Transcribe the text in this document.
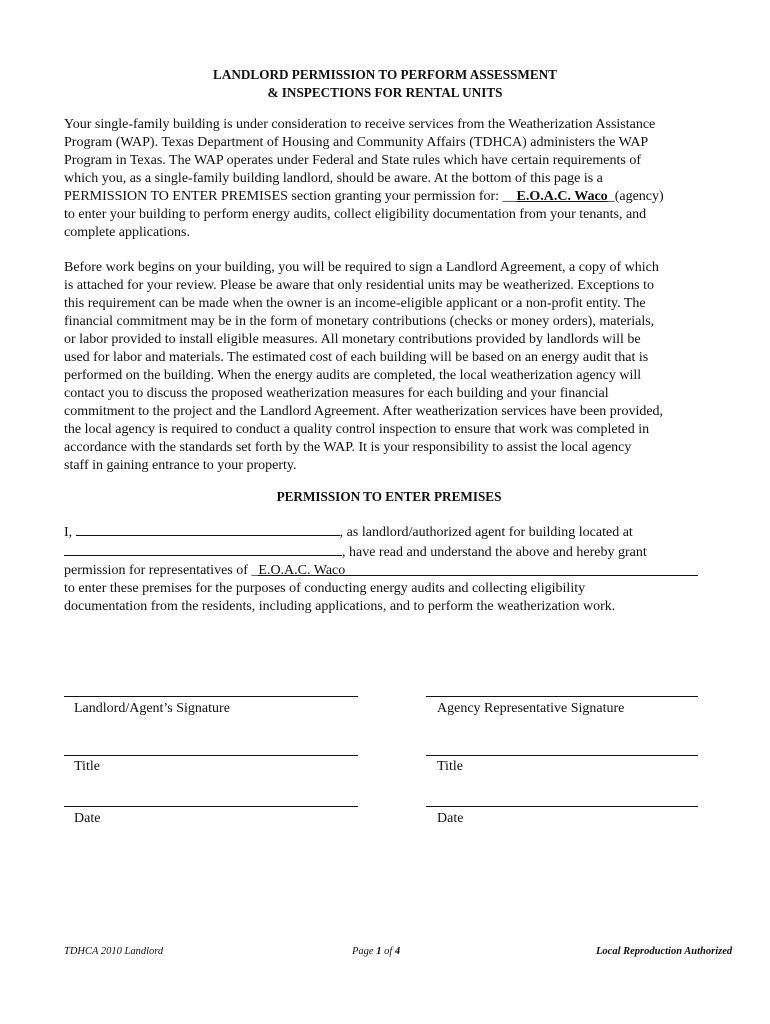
LANDLORD PERMISSION TO PERFORM ASSESSMENT
& INSPECTIONS FOR RENTAL UNITS
Your single-family building is under consideration to receive services from the Weatherization Assistance
Program (WAP). Texas Department of Housing and Community Affairs (TDHCA) administers the WAP
Program in Texas. The WAP operates under Federal and State rules which have certain requirements of
which you, as a single-family building landlord, should be aware. At the bottom of this page is a
PERMISSION TO ENTER PREMISES section granting your permission for: __E.O.A.C. Waco_(agency)
to enter your building to perform energy audits, collect eligibility documentation from your tenants, and
complete applications.
Before work begins on your building, you will be required to sign a Landlord Agreement, a copy of which
is attached for your review. Please be aware that only residential units may be weatherized. Exceptions to
this requirement can be made when the owner is an income-eligible applicant or a non-profit entity. The
financial commitment may be in the form of monetary contributions (checks or money orders), materials,
or labor provided to install eligible measures. All monetary contributions provided by landlords will be
used for labor and materials. The estimated cost of each building will be based on an energy audit that is
performed on the building. When the energy audits are completed, the local weatherization agency will
contact you to discuss the proposed weatherization measures for each building and your financial
commitment to the project and the Landlord Agreement. After weatherization services have been provided,
the local agency is required to conduct a quality control inspection to ensure that work was completed in
accordance with the standards set forth by the WAP. It is your responsibility to assist the local agency
staff in gaining entrance to your property.
PERMISSION TO ENTER PREMISES
I,	, as landlord/authorized agent for building located at
, have read and understand the above and hereby grant
permission for representatives of _E.O.A.C. Waco
to enter these premises for the purposes of conducting energy audits and collecting eligibility
documentation from the residents, including applications, and to perform the weatherization work.
Landlord/Agent’s Signature	Agency Representative Signature
Title	Title
Date	Date
TDHCA 2010 Landlord	Page 1 of 4	Local Reproduction Authorized
